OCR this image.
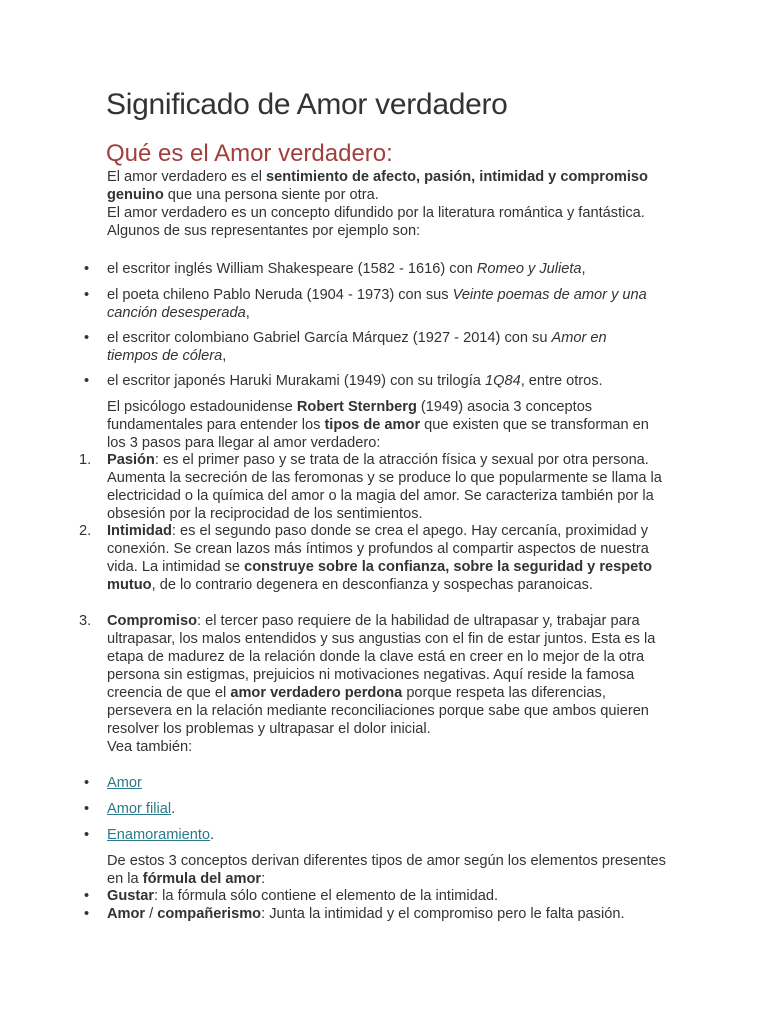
Significado de Amor verdadero
Qué es el Amor verdadero:

El amor verdadero es el sentimiento de afecto, pasión, intimidad y compromiso genuino que una persona siente por otra.

El amor verdadero es un concepto difundido por la literatura romántica y fantástica. Algunos de sus representantes por ejemplo son:

• el escritor inglés William Shakespeare (1582 - 1616) con Romeo y Julieta,
• el poeta chileno Pablo Neruda (1904 - 1973) con sus Veinte poemas de amor y una canción desesperada,
• el escritor colombiano Gabriel García Márquez (1927 - 2014) con su Amor en tiempos de cólera,
• el escritor japonés Haruki Murakami (1949) con su trilogía 1Q84, entre otros.

El psicólogo estadounidense Robert Sternberg (1949) asocia 3 conceptos fundamentales para entender los tipos de amor que existen que se transforman en los 3 pasos para llegar al amor verdadero:

1. Pasión: es el primer paso y se trata de la atracción física y sexual por otra persona. Aumenta la secreción de las feromonas y se produce lo que popularmente se llama la electricidad o la química del amor o la magia del amor. Se caracteriza también por la obsesión por la reciprocidad de los sentimientos.
2. Intimidad: es el segundo paso donde se crea el apego. Hay cercanía, proximidad y conexión. Se crean lazos más íntimos y profundos al compartir aspectos de nuestra vida. La intimidad se construye sobre la confianza, sobre la seguridad y respeto mutuo, de lo contrario degenera en desconfianza y sospechas paranoicas.
3. Compromiso: el tercer paso requiere de la habilidad de ultrapasar y, trabajar para ultrapasar, los malos entendidos y sus angustias con el fin de estar juntos. Esta es la etapa de madurez de la relación donde la clave está en creer en lo mejor de la otra persona sin estigmas, prejuicios ni motivaciones negativas. Aquí reside la famosa creencia de que el amor verdadero perdona porque respeta las diferencias, persevera en la relación mediante reconciliaciones porque sabe que ambos quieren resolver los problemas y ultrapasar el dolor inicial.
Vea también:
• Amor
• Amor filial.
• Enamoramiento.

De estos 3 conceptos derivan diferentes tipos de amor según los elementos presentes en la fórmula del amor:

• Gustar: la fórmula sólo contiene el elemento de la intimidad.
• Amor / compañerismo: Junta la intimidad y el compromiso pero le falta pasión.
